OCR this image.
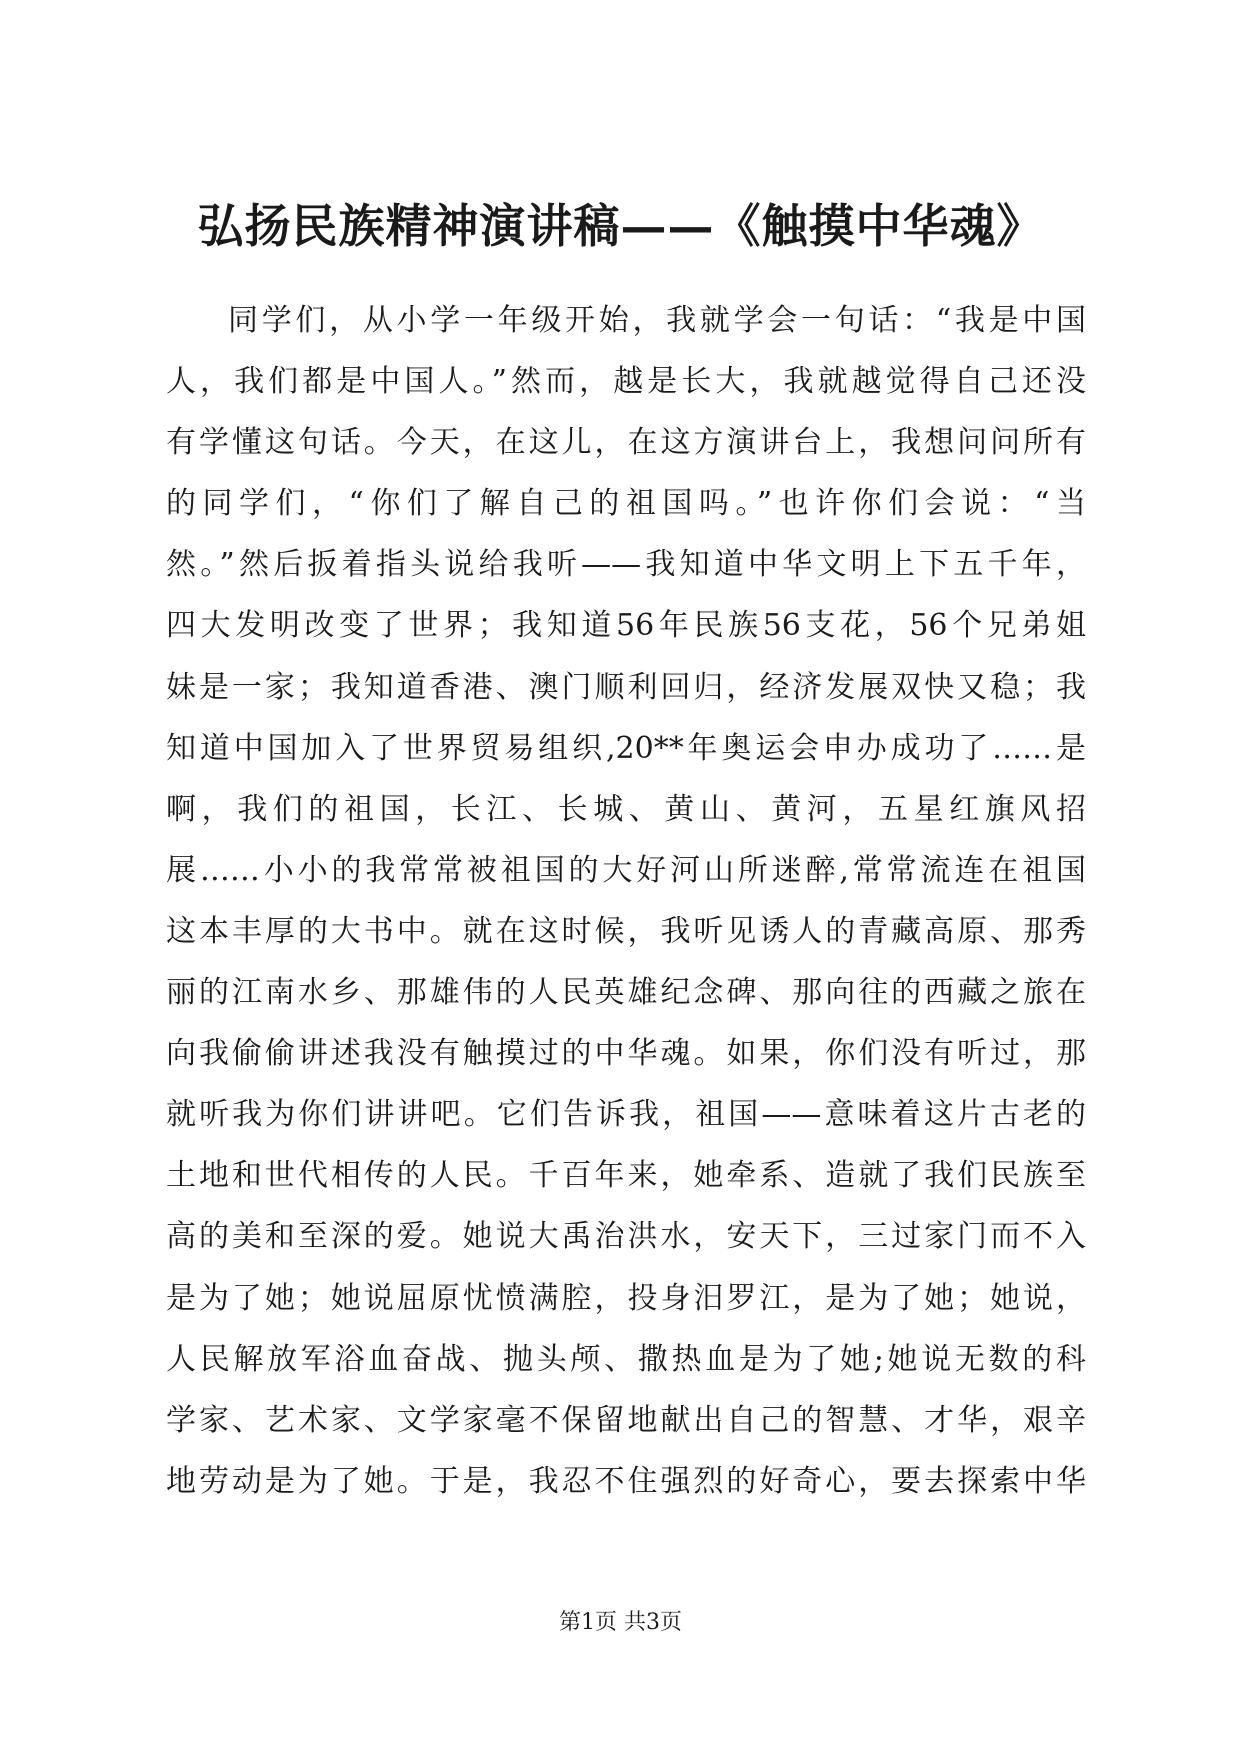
弘扬民族精神演讲稿——《触摸中华魂》
同学们，从小学一年级开始，我就学会一句话：“我是中国
人，我们都是中国人。”然而，越是长大，我就越觉得自己还没
有学懂这句话。今天，在这儿，在这方演讲台上，我想问问所有
的同学们，“你们了解自己的祖国吗。”也许你们会说：“当
然。”然后扳着指头说给我听——我知道中华文明上下五千年，
四大发明改变了世界；我知道56年民族56支花，56个兄弟姐
妹是一家；我知道香港、澳门顺利回归，经济发展双快又稳；我
知道中国加入了世界贸易组织,20**年奥运会申办成功了……是
啊，我们的祖国，长江、长城、黄山、黄河，五星红旗风招
展……小小的我常常被祖国的大好河山所迷醉,常常流连在祖国
这本丰厚的大书中。就在这时候，我听见诱人的青藏高原、那秀
丽的江南水乡、那雄伟的人民英雄纪念碑、那向往的西藏之旅在
向我偷偷讲述我没有触摸过的中华魂。如果，你们没有听过，那
就听我为你们讲讲吧。它们告诉我，祖国——意味着这片古老的
土地和世代相传的人民。千百年来，她牵系、造就了我们民族至
高的美和至深的爱。她说大禹治洪水，安天下，三过家门而不入
是为了她；她说屈原忧愤满腔，投身汨罗江，是为了她；她说，
人民解放军浴血奋战、抛头颅、撒热血是为了她;她说无数的科
学家、艺术家、文学家毫不保留地献出自己的智慧、才华，艰辛
地劳动是为了她。于是，我忍不住强烈的好奇心，要去探索中华
第1页 共3页
